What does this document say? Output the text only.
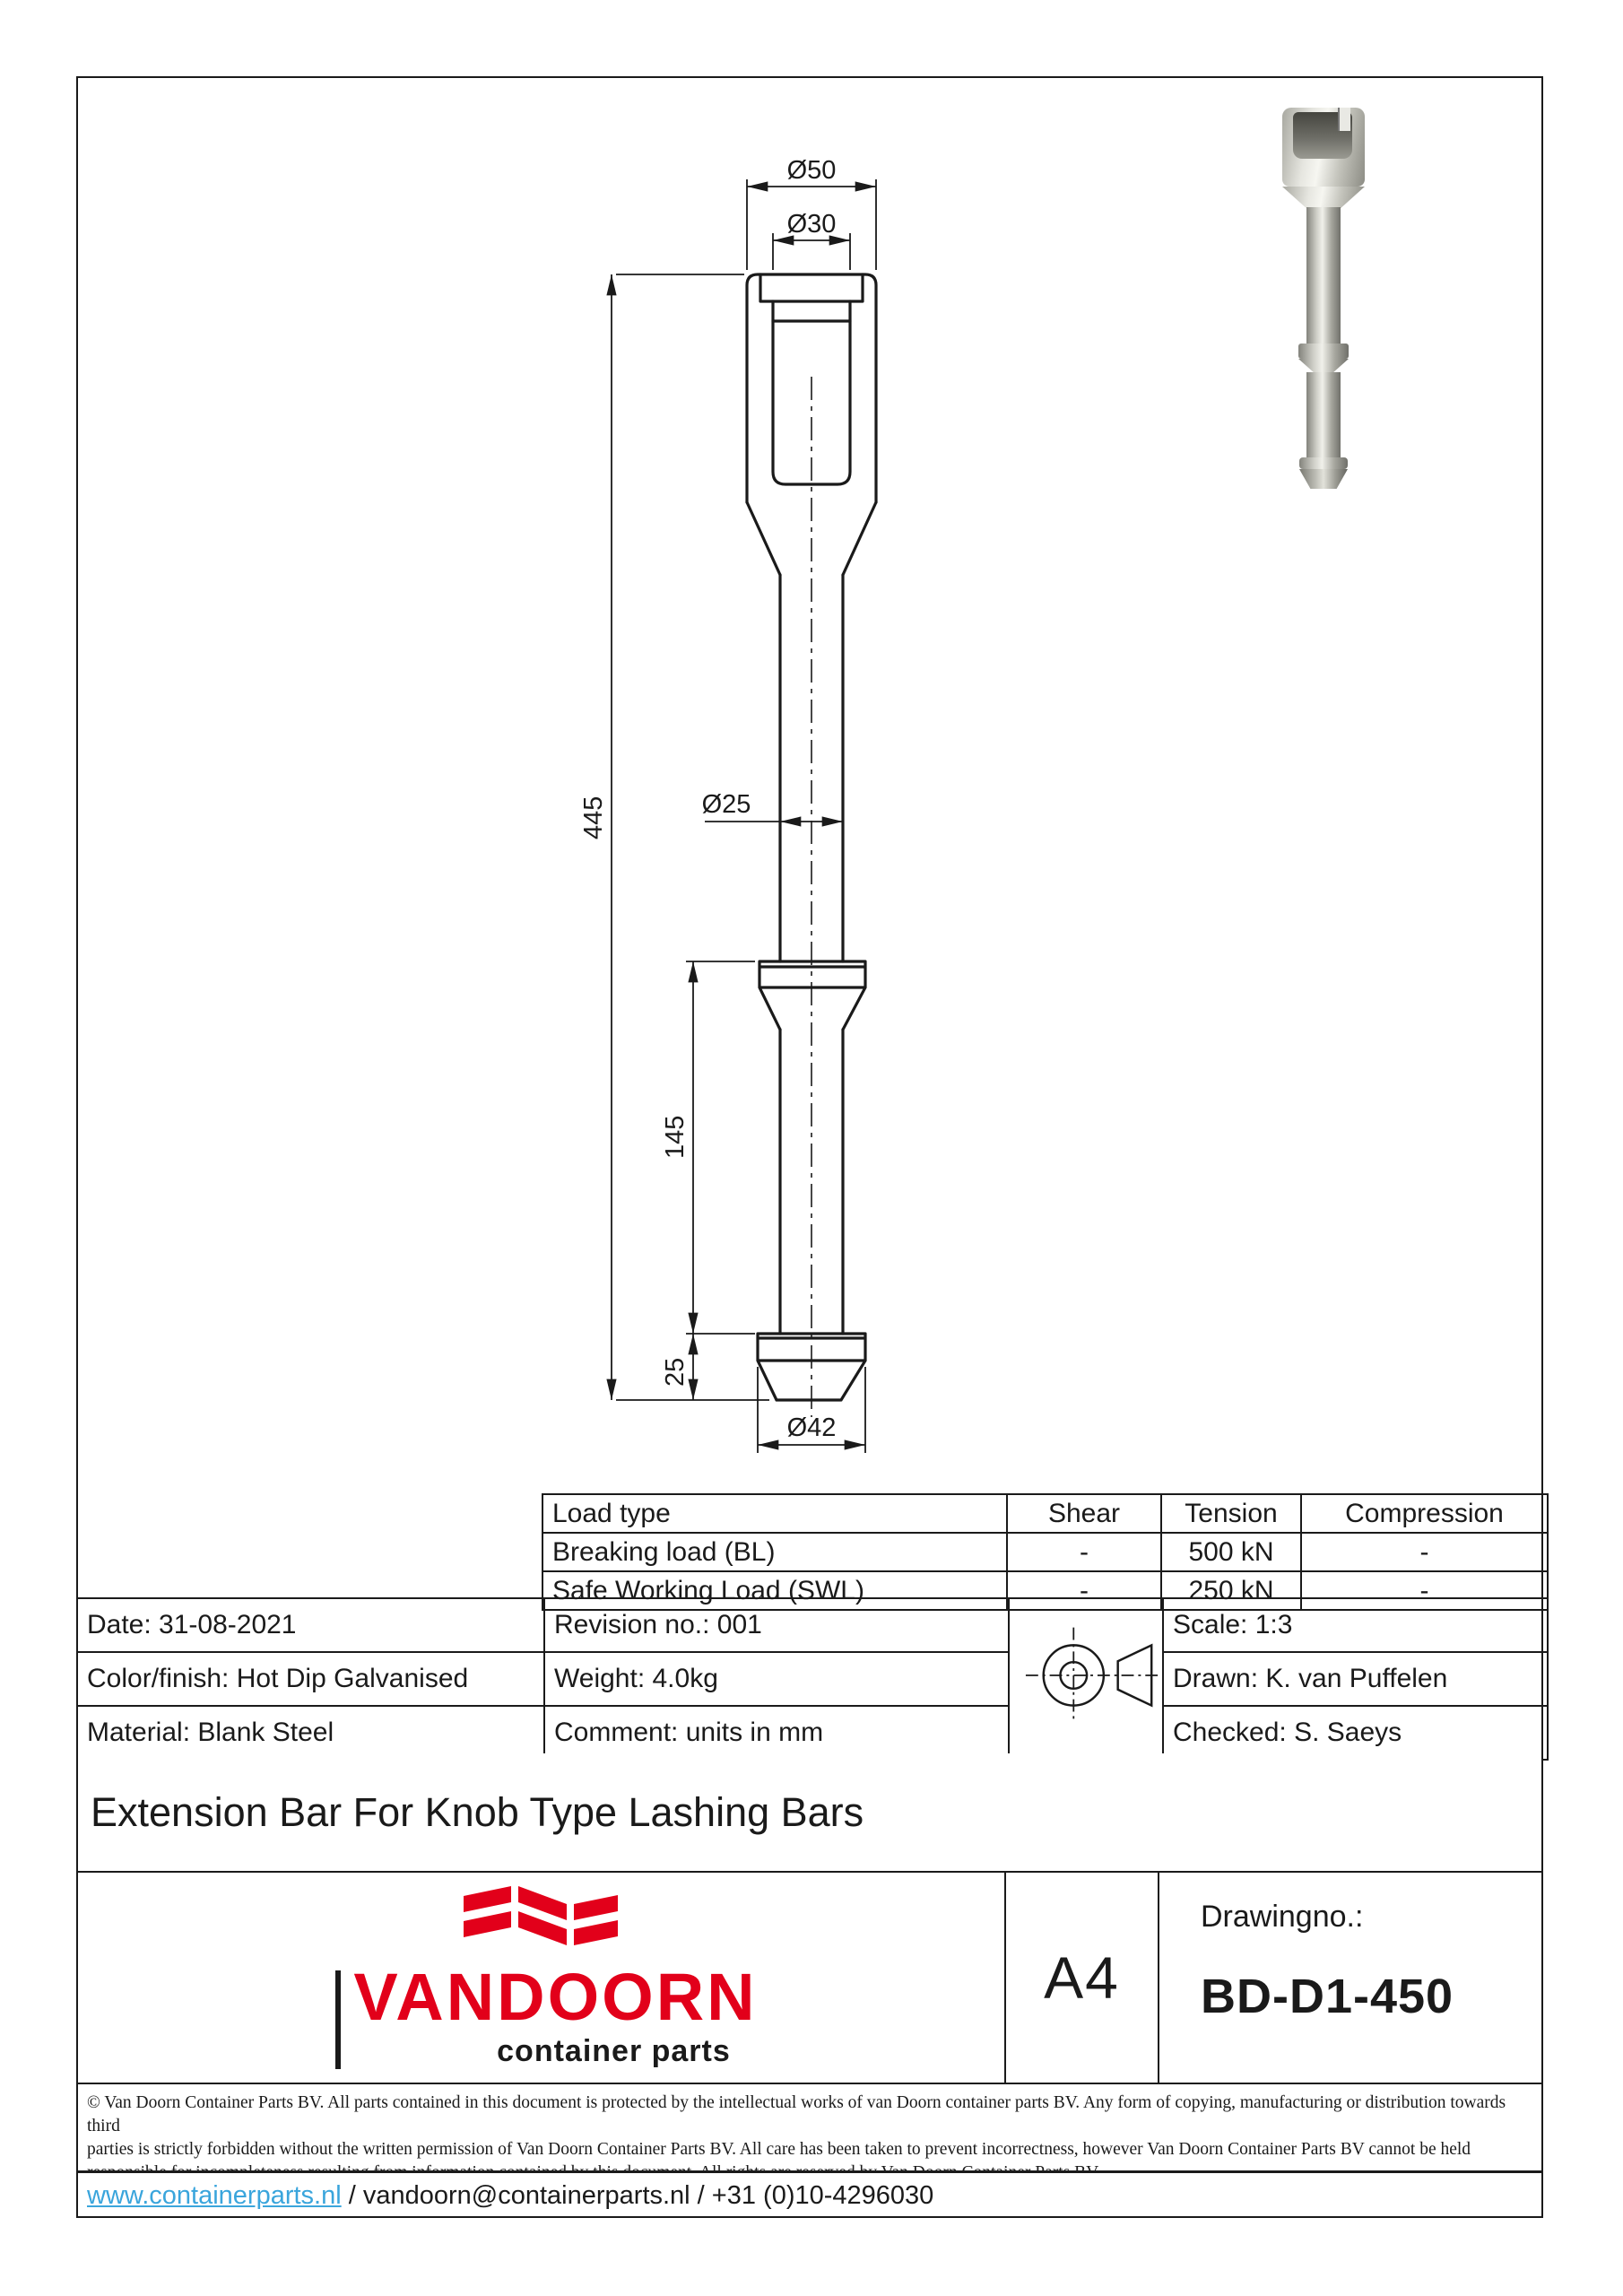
Ø50
Ø30
Ø25
Ø42
445
145
25
Load type	Shear	Tension	Compression
Breaking load (BL)	-	500 kN	-
Safe Working Load (SWL)	-	250 kN	-
Date: 31-08-2021	Revision no.: 001		Scale: 1:3
Color/finish: Hot Dip Galvanised	Weight: 4.0kg		Drawn: K. van Puffelen
Material: Blank Steel	Comment: units in mm		Checked: S. Saeys
Extension Bar For Knob Type Lashing Bars
VAN DOORN
container parts
A4
Drawingno.:
BD-D1-450
© Van Doorn Container Parts BV. All parts contained in this document is protected by the intellectual works of van Doorn container parts BV. Any form of copying, manufacturing or distribution towards third
parties is strictly forbidden without the written permission of Van Doorn Container Parts BV. All care has been taken to prevent incorrectness, however Van Doorn Container Parts BV cannot be held
www.containerparts.nl / vandoorn@containerparts.nl / +31 (0)10-4296030
